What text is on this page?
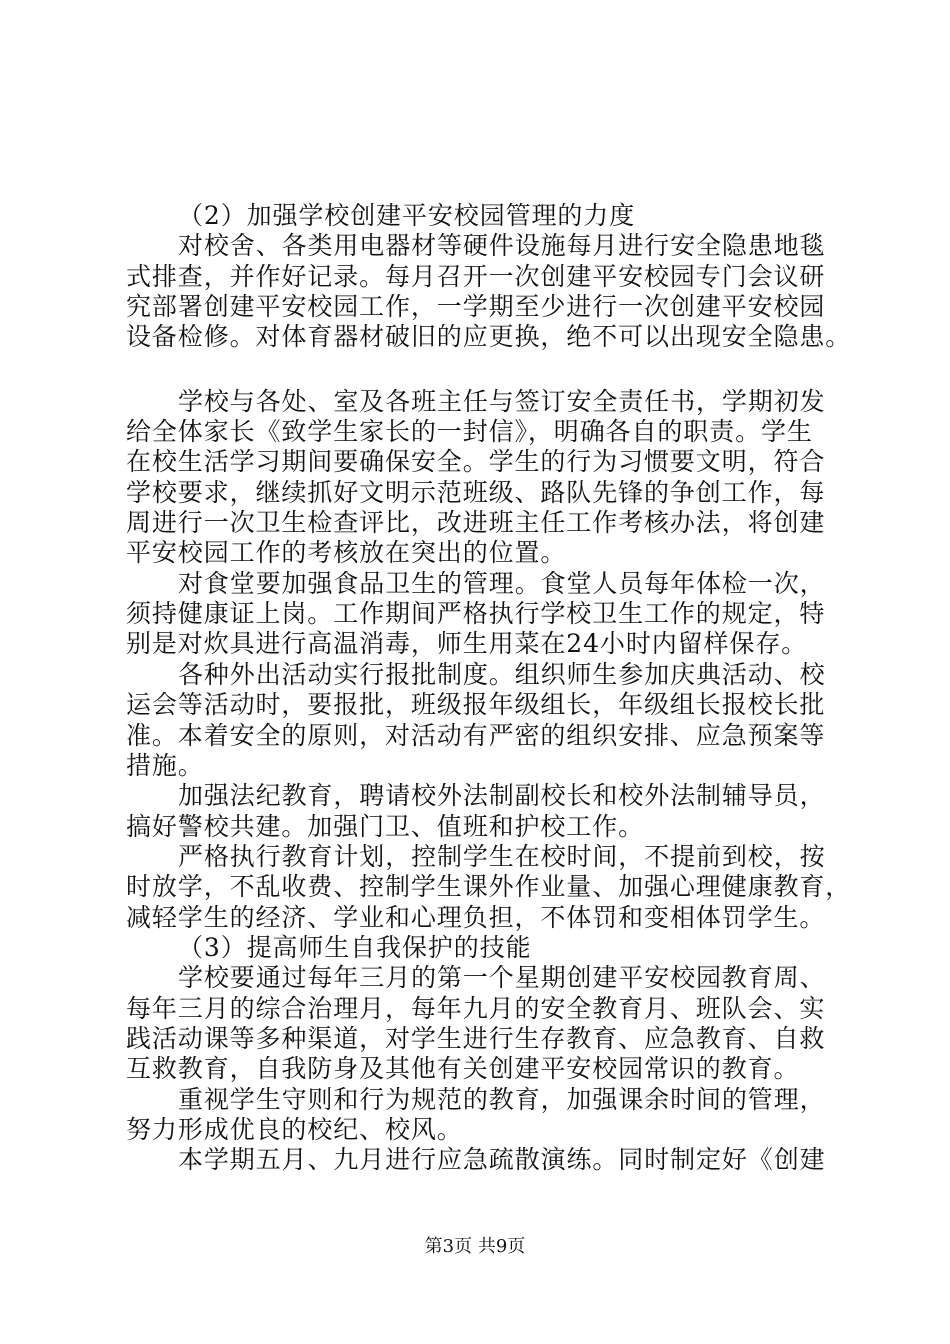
（2）加强学校创建平安校园管理的力度
对校舍、各类用电器材等硬件设施每月进行安全隐患地毯
式排查，并作好记录。每月召开一次创建平安校园专门会议研
究部署创建平安校园工作，一学期至少进行一次创建平安校园
设备检修。对体育器材破旧的应更换，绝不可以出现安全隐患。
学校与各处、室及各班主任与签订安全责任书，学期初发
给全体家长《致学生家长的一封信》，明确各自的职责。学生
在校生活学习期间要确保安全。学生的行为习惯要文明，符合
学校要求，继续抓好文明示范班级、路队先锋的争创工作，每
周进行一次卫生检查评比，改进班主任工作考核办法，将创建
平安校园工作的考核放在突出的位置。
对食堂要加强食品卫生的管理。食堂人员每年体检一次，
须持健康证上岗。工作期间严格执行学校卫生工作的规定，特
别是对炊具进行高温消毒，师生用菜在24小时内留样保存。
各种外出活动实行报批制度。组织师生参加庆典活动、校
运会等活动时，要报批，班级报年级组长，年级组长报校长批
准。本着安全的原则，对活动有严密的组织安排、应急预案等
措施。
加强法纪教育，聘请校外法制副校长和校外法制辅导员，
搞好警校共建。加强门卫、值班和护校工作。
严格执行教育计划，控制学生在校时间，不提前到校，按
时放学，不乱收费、控制学生课外作业量、加强心理健康教育，
减轻学生的经济、学业和心理负担，不体罚和变相体罚学生。
（3）提高师生自我保护的技能
学校要通过每年三月的第一个星期创建平安校园教育周、
每年三月的综合治理月，每年九月的安全教育月、班队会、实
践活动课等多种渠道，对学生进行生存教育、应急教育、自救
互救教育，自我防身及其他有关创建平安校园常识的教育。
重视学生守则和行为规范的教育，加强课余时间的管理，
努力形成优良的校纪、校风。
本学期五月、九月进行应急疏散演练。同时制定好《创建
第3页 共9页
